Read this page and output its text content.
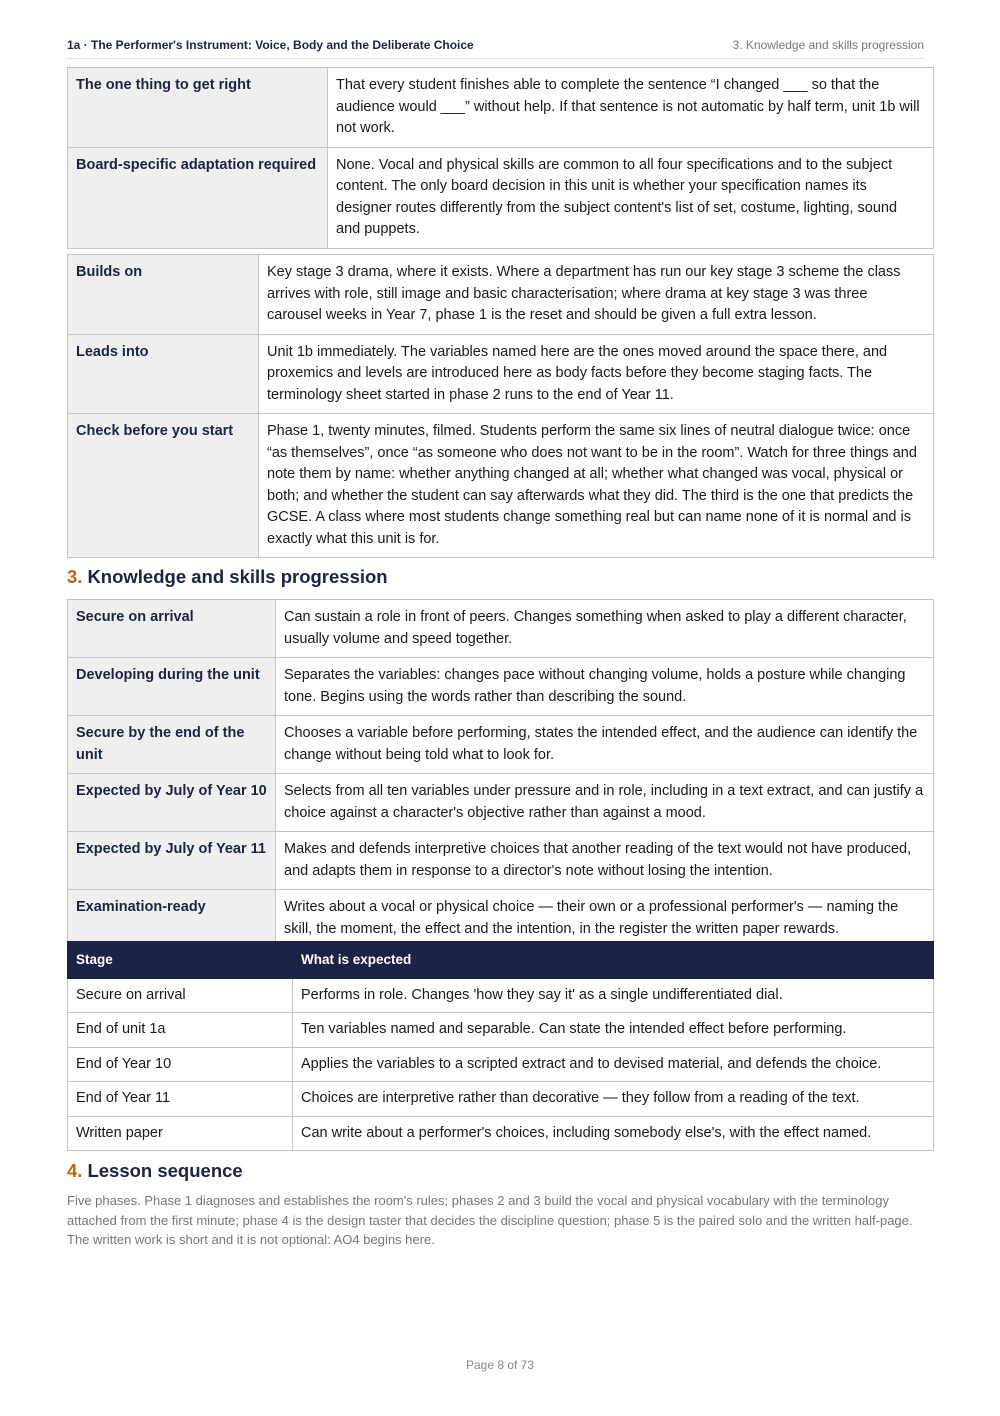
1a · The Performer's Instrument: Voice, Body and the Deliberate Choice	3. Knowledge and skills progression
The one thing to get right	That every student finishes able to complete the sentence “I changed ___ so that the audience would ___” without help. If that sentence is not automatic by half term, unit 1b will not work.
Board-specific adaptation required	None. Vocal and physical skills are common to all four specifications and to the subject content. The only board decision in this unit is whether your specification names its designer routes differently from the subject content's list of set, costume, lighting, sound and puppets.
Builds on	Key stage 3 drama, where it exists. Where a department has run our key stage 3 scheme the class arrives with role, still image and basic characterisation; where drama at key stage 3 was three carousel weeks in Year 7, phase 1 is the reset and should be given a full extra lesson.
Leads into	Unit 1b immediately. The variables named here are the ones moved around the space there, and proxemics and levels are introduced here as body facts before they become staging facts. The terminology sheet started in phase 2 runs to the end of Year 11.
Check before you start	Phase 1, twenty minutes, filmed. Students perform the same six lines of neutral dialogue twice: once “as themselves”, once “as someone who does not want to be in the room”. Watch for three things and note them by name: whether anything changed at all; whether what changed was vocal, physical or both; and whether the student can say afterwards what they did. The third is the one that predicts the GCSE. A class where most students change something real but can name none of it is normal and is exactly what this unit is for.
3. Knowledge and skills progression
Secure on arrival	Can sustain a role in front of peers. Changes something when asked to play a different character, usually volume and speed together.
Developing during the unit	Separates the variables: changes pace without changing volume, holds a posture while changing tone. Begins using the words rather than describing the sound.
Secure by the end of the unit	Chooses a variable before performing, states the intended effect, and the audience can identify the change without being told what to look for.
Expected by July of Year 10	Selects from all ten variables under pressure and in role, including in a text extract, and can justify a choice against a character's objective rather than against a mood.
Expected by July of Year 11	Makes and defends interpretive choices that another reading of the text would not have produced, and adapts them in response to a director's note without losing the intention.
Examination-ready	Writes about a vocal or physical choice — their own or a professional performer's — naming the skill, the moment, the effect and the intention, in the register the written paper rewards.
Stage	What is expected
Secure on arrival	Performs in role. Changes 'how they say it' as a single undifferentiated dial.
End of unit 1a	Ten variables named and separable. Can state the intended effect before performing.
End of Year 10	Applies the variables to a scripted extract and to devised material, and defends the choice.
End of Year 11	Choices are interpretive rather than decorative — they follow from a reading of the text.
Written paper	Can write about a performer's choices, including somebody else's, with the effect named.
4. Lesson sequence

Five phases. Phase 1 diagnoses and establishes the room's rules; phases 2 and 3 build the vocal and physical vocabulary with the terminology attached from the first minute; phase 4 is the design taster that decides the discipline question; phase 5 is the paired solo and the written half-page. The written work is short and it is not optional: AO4 begins here.

Page 8 of 73
